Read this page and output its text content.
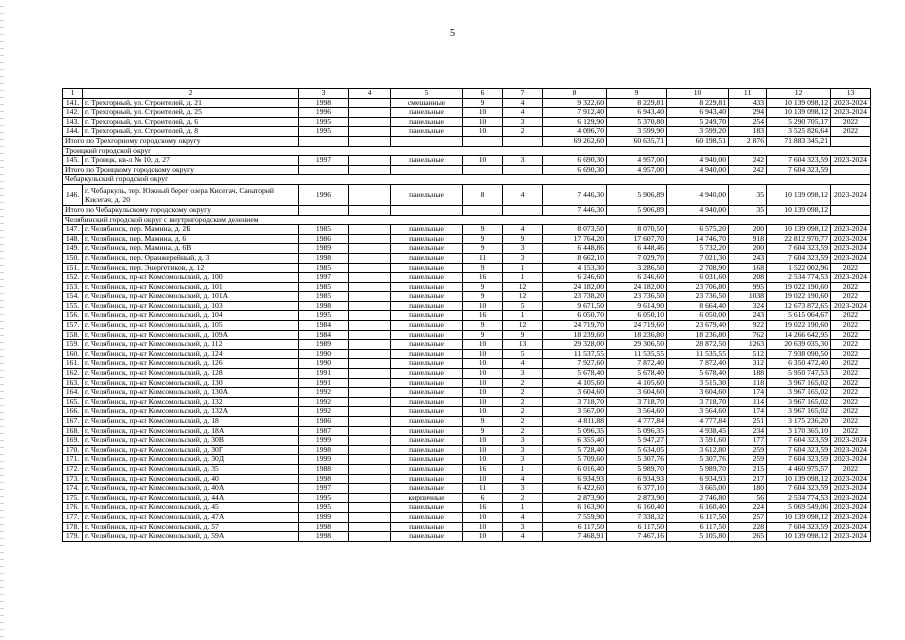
5
1	2	3	4	5	6	7	8	9	10	11	12	13
141.	г. Трехгорный, ул. Строителей, д. 21	1998		смешанные	9	4	9 322,60	8 229,81	8 229,81	433	10 139 098,12	2023-2024
142.	г. Трехгорный, ул. Строителей, д. 25	1996		панельные	10	4	7 912,40	6 943,40	6 943,40	294	10 139 098,12	2023-2024
143.	г. Трехгорный, ул. Строителей, д. 6	1995		панельные	10	3	6 129,90	5 370,80	5 249,70	254	5 290 705,17	2022
144.	г. Трехгорный, ул. Строителей, д. 8	1995		панельные	10	2	4 096,70	3 599,90	3 599,20	183	3 525 826,64	2022
Итого по Трехгорному городскому округу							69 262,60	60 635,71	60 198,51	2 876	71 883 345,21	
Троицкий городской округ												
145.	г. Троицк, кв-л № 10, д. 27	1997		панельные	10	3	6 690,30	4 957,00	4 940,00	242	7 604 323,59	2023-2024
Итого по Троицкому городскому округу							6 690,30	4 957,00	4 940,00	242	7 604 323,59	
Чебаркульский городской округ												
146.	г. Чебаркуль, тер. Южный берег озера Кисегач, Санаторий Кисегач, д. 20	1996		панельные	8	4	7 446,30	5 906,89	4 940,00	35	10 139 098,12	2023-2024
Итого по Чебаркульскому городскому округу							7 446,30	5 906,89	4 940,00	35	10 139 098,12	
Челябинский городской округ с внутригородским делением												
147.	г. Челябинск, пер. Мамина, д. 2Б	1985		панельные	9	4	8 073,50	8 070,50	6 575,20	200	10 139 098,12	2023-2024
148.	г. Челябинск, пер. Мамина, д. 6	1986		панельные	9	9	17 764,20	17 607,70	14 746,70	918	22 812 970,77	2023-2024
149.	г. Челябинск, пер. Мамина, д. 6В	1989		панельные	9	3	6 448,86	6 448,46	5 732,20	200	7 604 323,59	2023-2024
150.	г. Челябинск, пер. Оранжерейный, д. 3	1998		панельные	11	3	8 662,10	7 029,70	7 021,30	243	7 604 323,59	2023-2024
151.	г. Челябинск, пер. Энергетиков, д. 12	1985		панельные	9	1	4 153,30	3 286,50	2 708,90	168	1 522 002,96	2022
152.	г. Челябинск, пр-кт Комсомольский, д. 100	1997		панельные	16	1	6 246,60	6 246,60	6 031,60	208	2 534 774,53	2023-2024
153.	г. Челябинск, пр-кт Комсомольский, д. 101	1985		панельные	9	12	24 182,00	24 182,00	23 706,80	995	19 022 190,60	2022
154.	г. Челябинск, пр-кт Комсомольский, д. 101А	1985		панельные	9	12	23 738,20	23 736,50	23 736,50	1038	19 022 190,60	2022
155.	г. Челябинск, пр-кт Комсомольский, д. 103	1998		панельные	10	5	9 671,50	9 614,90	8 664,40	324	12 673 872,65	2023-2024
156.	г. Челябинск, пр-кт Комсомольский, д. 104	1995		панельные	16	1	6 050,70	6 050,10	6 050,00	243	5 615 064,67	2022
157.	г. Челябинск, пр-кт Комсомольский, д. 105	1984		панельные	9	12	24 719,70	24 719,60	23 679,40	922	19 022 190,60	2022
158.	г. Челябинск, пр-кт Комсомольский, д. 109А	1984		панельные	9	9	18 239,60	18 236,80	18 236,80	762	14 266 642,95	2022
159.	г. Челябинск, пр-кт Комсомольский, д. 112	1989		панельные	10	13	29 328,00	29 306,50	28 872,50	1263	20 639 035,30	2022
160.	г. Челябинск, пр-кт Комсомольский, д. 124	1990		панельные	10	5	11 537,55	11 535,55	11 535,55	512	7 938 090,50	2022
161.	г. Челябинск, пр-кт Комсомольский, д. 126	1990		панельные	10	4	7 927,60	7 872,40	7 872,40	312	6 350 472,40	2022
162.	г. Челябинск, пр-кт Комсомольский, д. 128	1991		панельные	10	3	5 678,40	5 678,40	5 678,40	188	5 950 747,53	2022
163.	г. Челябинск, пр-кт Комсомольский, д. 130	1991		панельные	10	2	4 105,60	4 105,60	3 515,30	118	3 967 165,02	2022
164.	г. Челябинск, пр-кт Комсомольский, д. 130А	1992		панельные	10	2	3 604,60	3 604,60	3 604,60	174	3 967 165,02	2022
165.	г. Челябинск, пр-кт Комсомольский, д. 132	1992		панельные	10	2	3 718,70	3 718,70	3 718,70	114	3 967 165,02	2022
166.	г. Челябинск, пр-кт Комсомольский, д. 132А	1992		панельные	10	2	3 567,00	3 564,60	3 564,60	174	3 967 165,02	2022
167.	г. Челябинск, пр-кт Комсомольский, д. 18	1986		панельные	9	2	4 811,88	4 777,84	4 777,84	251	3 175 236,20	2022
168.	г. Челябинск, пр-кт Комсомольский, д. 18А	1987		панельные	9	2	5 096,35	5 096,35	4 938,45	234	3 170 365,10	2022
169.	г. Челябинск, пр-кт Комсомольский, д. 30В	1999		панельные	10	3	6 355,40	5 947,27	3 591,60	177	7 604 323,59	2023-2024
170.	г. Челябинск, пр-кт Комсомольский, д. 30Г	1998		панельные	10	3	5 728,40	5 634,05	3 612,80	259	7 604 323,59	2023-2024
171.	г. Челябинск, пр-кт Комсомольский, д. 30Д	1999		панельные	10	3	5 709,60	5 307,76	5 307,76	259	7 604 323,59	2023-2024
172.	г. Челябинск, пр-кт Комсомольский, д. 35	1988		панельные	16	1	6 016,40	5 989,70	5 989,70	215	4 460 975,57	2022
173.	г. Челябинск, пр-кт Комсомольский, д. 40	1998		панельные	10	4	6 934,93	6 934,93	6 934,93	217	10 139 098,12	2023-2024
174.	г. Челябинск, пр-кт Комсомольский, д. 40А	1997		панельные	11	3	6 422,60	6 377,10	3 665,00	180	7 604 323,59	2023-2024
175.	г. Челябинск, пр-кт Комсомольский, д. 44А	1995		кирпичные	6	2	2 873,90	2 873,90	2 746,80	56	2 534 774,53	2023-2024
176.	г. Челябинск, пр-кт Комсомольский, д. 45	1995		панельные	16	1	6 163,90	6 160,40	6 160,40	224	5 069 549,06	2023-2024
177.	г. Челябинск, пр-кт Комсомольский, д. 47А	1999		панельные	10	4	7 559,90	7 338,32	6 117,50	257	10 139 098,12	2023-2024
178.	г. Челябинск, пр-кт Комсомольский, д. 57	1998		панельные	10	3	6 117,50	6 117,50	6 117,50	228	7 604 323,59	2023-2024
179.	г. Челябинск, пр-кт Комсомольский, д. 59А	1998		панельные	10	4	7 468,91	7 467,16	5 105,80	265	10 139 098,12	2023-2024
